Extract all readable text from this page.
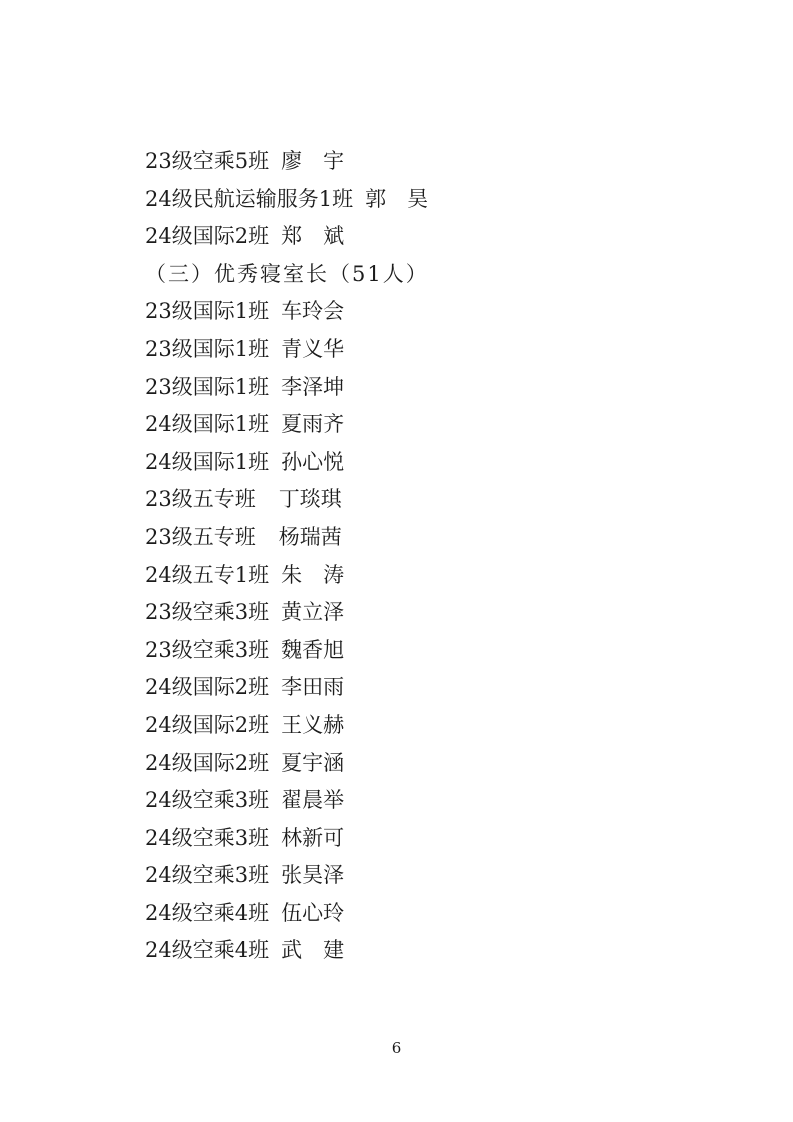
23级空乘5班 廖　宇
24级民航运输服务1班 郭　昊
24级国际2班 郑　斌
（三）优秀寝室长（51人）
23级国际1班 车玲会
23级国际1班 青义华
23级国际1班 李泽坤
24级国际1班 夏雨齐
24级国际1班 孙心悦
23级五专班 丁琰琪
23级五专班 杨瑞茜
24级五专1班 朱　涛
23级空乘3班 黄立泽
23级空乘3班 魏香旭
24级国际2班 李田雨
24级国际2班 王义赫
24级国际2班 夏宇涵
24级空乘3班 翟晨举
24级空乘3班 林新可
24级空乘3班 张昊泽
24级空乘4班 伍心玲
24级空乘4班 武　建
6
